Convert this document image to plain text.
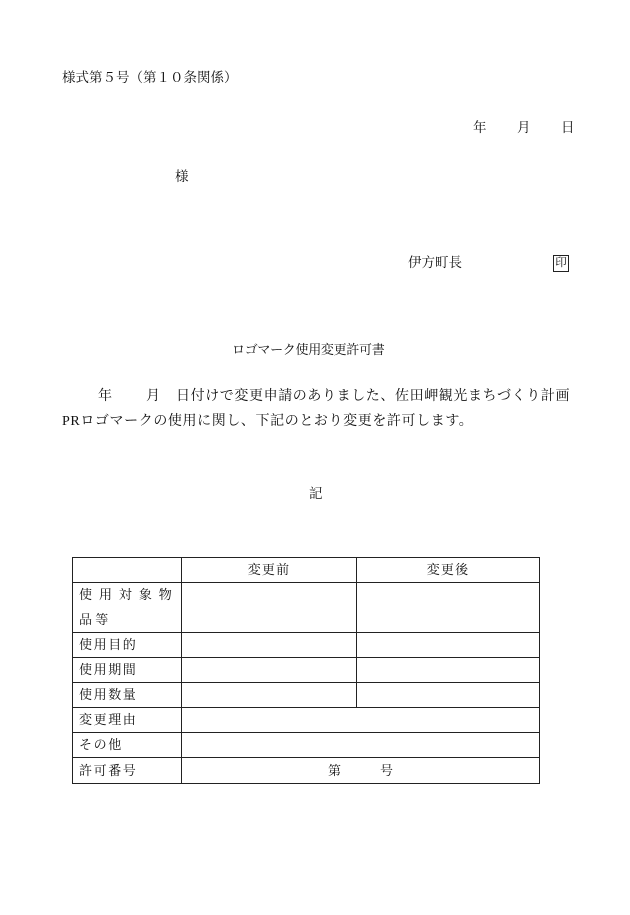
様式第５号（第１０条関係）
年 月 日
様
伊方町長	印
ロゴマーク使用変更許可書
年 月 日付けで変更申請のありました、佐田岬観光まちづくり計画
PRロゴマークの使用に関し、下記のとおり変更を許可します。
記
	変更前	変更後
使用対象物品等		
使用目的		
使用期間		
使用数量		
変更理由		
その他		
許可番号	第　　　号	
